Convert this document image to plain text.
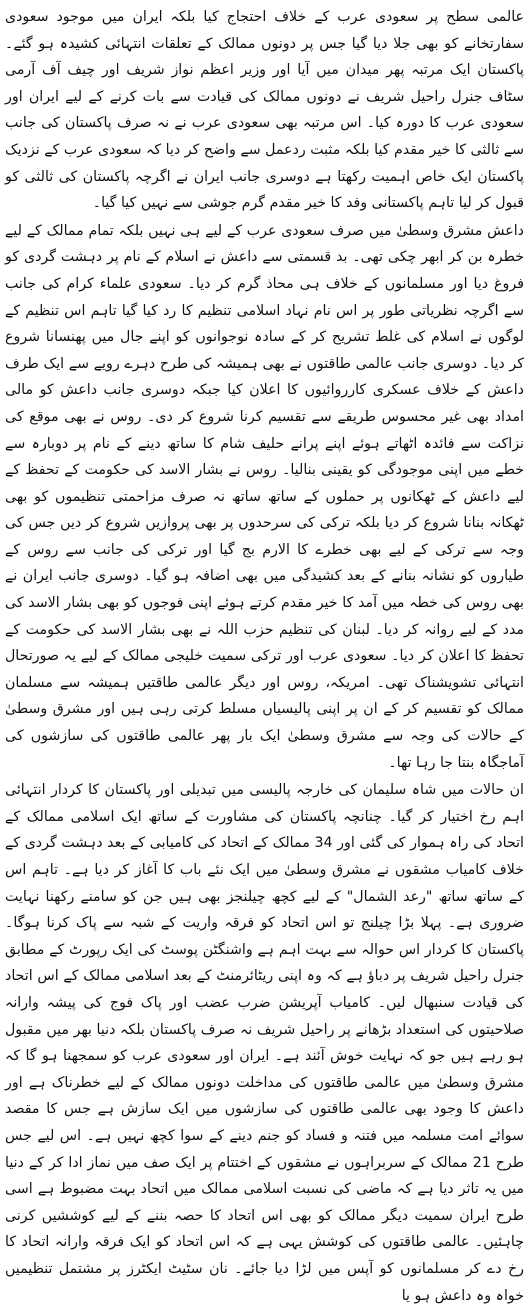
عالمی سطح پر سعودی عرب کے خلاف احتجاج کیا بلکہ ایران میں موجود سعودی سفارتخانے کو بھی جلا دیا گیا جس پر دونوں ممالک کے تعلقات انتہائی کشیدہ ہو گئے۔ پاکستان ایک مرتبہ پھر میدان میں آیا اور وزیر اعظم نواز شریف اور چیف آف آرمی سٹاف جنرل راحیل شریف نے دونوں ممالک کی قیادت سے بات کرنے کے لیے ایران اور سعودی عرب کا دورہ کیا۔ اس مرتبہ بھی سعودی عرب نے نہ صرف پاکستان کی جانب سے ثالثی کا خیر مقدم کیا بلکہ مثبت ردعمل سے واضح کر دیا کہ سعودی عرب کے نزدیک پاکستان ایک خاص اہمیت رکھتا ہے دوسری جانب ایران نے اگرچہ پاکستان کی ثالثی کو قبول کر لیا تاہم پاکستانی وفد کا خیر مقدم گرم جوشی سے نہیں کیا گیا۔

داعش مشرق وسطیٰ میں صرف سعودی عرب کے لیے ہی نہیں بلکہ تمام ممالک کے لیے خطرہ بن کر ابھر چکی تھی۔ بد قسمتی سے داعش نے اسلام کے نام پر دہشت گردی کو فروغ دیا اور مسلمانوں کے خلاف ہی محاذ گرم کر دیا۔ سعودی علماء کرام کی جانب سے اگرچہ نظریاتی طور پر اس نام نہاد اسلامی تنظیم کا رد کیا گیا تاہم اس تنظیم کے لوگوں نے اسلام کی غلط تشریح کر کے سادہ نوجوانوں کو اپنے جال میں پھنسانا شروع کر دیا۔ دوسری جانب عالمی طاقتوں نے بھی ہمیشہ کی طرح دہرے رویے سے ایک طرف داعش کے خلاف عسکری کارروائیوں کا اعلان کیا جبکہ دوسری جانب داعش کو مالی امداد بھی غیر محسوس طریقے سے تقسیم کرنا شروع کر دی۔ روس نے بھی موقع کی نزاکت سے فائدہ اٹھاتے ہوئے اپنے پرانے حلیف شام کا ساتھ دینے کے نام پر دوبارہ سے خطے میں اپنی موجودگی کو یقینی بنالیا۔ روس نے بشار الاسد کی حکومت کے تحفظ کے لیے داعش کے ٹھکانوں پر حملوں کے ساتھ ساتھ نہ صرف مزاحمتی تنظیموں کو بھی ٹھکانہ بنانا شروع کر دیا بلکہ ترکی کی سرحدوں پر بھی پروازیں شروع کر دیں جس کی وجہ سے ترکی کے لیے بھی خطرے کا الارم بج گیا اور ترکی کی جانب سے روس کے طیاروں کو نشانہ بنانے کے بعد کشیدگی میں بھی اضافہ ہو گیا۔ دوسری جانب ایران نے بھی روس کی خطہ میں آمد کا خیر مقدم کرتے ہوئے اپنی فوجوں کو بھی بشار الاسد کی مدد کے لیے روانہ کر دیا۔ لبنان کی تنظیم حزب اللہ نے بھی بشار الاسد کی حکومت کے تحفظ کا اعلان کر دیا۔ سعودی عرب اور ترکی سمیت خلیجی ممالک کے لیے یہ صورتحال انتہائی تشویشناک تھی۔ امریکہ، روس اور دیگر عالمی طاقتیں ہمیشہ سے مسلمان ممالک کو تقسیم کر کے ان پر اپنی پالیسیاں مسلط کرتی رہی ہیں اور مشرق وسطیٰ کے حالات کی وجہ سے مشرق وسطیٰ ایک بار پھر عالمی طاقتوں کی سازشوں کی آماجگاہ بنتا جا رہا تھا۔

ان حالات میں شاہ سلیمان کی خارجہ پالیسی میں تبدیلی اور پاکستان کا کردار انتہائی اہم رخ اختیار کر گیا۔ چنانچہ پاکستان کی مشاورت کے ساتھ ایک اسلامی ممالک کے اتحاد کی راہ ہموار کی گئی اور 34 ممالک کے اتحاد کی کامیابی کے بعد دہشت گردی کے خلاف کامیاب مشقوں نے مشرق وسطیٰ میں ایک نئے باب کا آغاز کر دیا ہے۔ تاہم اس کے ساتھ ساتھ "رعد الشمال" کے لیے کچھ چیلنجز بھی ہیں جن کو سامنے رکھنا نہایت ضروری ہے۔ پہلا بڑا چیلنج تو اس اتحاد کو فرقہ واریت کے شبہ سے پاک کرنا ہوگا۔ پاکستان کا کردار اس حوالہ سے بہت اہم ہے واشنگٹن پوسٹ کی ایک رپورٹ کے مطابق جنرل راحیل شریف پر دباؤ ہے کہ وہ اپنی ریٹائرمنٹ کے بعد اسلامی ممالک کے اس اتحاد کی قیادت سنبھال لیں۔ کامیاب آپریشن ضرب عضب اور پاک فوج کی پیشہ وارانہ صلاحیتوں کی استعداد بڑھانے پر راحیل شریف نہ صرف پاکستان بلکہ دنیا بھر میں مقبول ہو رہے ہیں جو کہ نہایت خوش آئند ہے۔ ایران اور سعودی عرب کو سمجھنا ہو گا کہ مشرق وسطیٰ میں عالمی طاقتوں کی مداخلت دونوں ممالک کے لیے خطرناک ہے اور داعش کا وجود بھی عالمی طاقتوں کی سازشوں میں ایک سازش ہے جس کا مقصد سوائے امت مسلمہ میں فتنہ و فساد کو جنم دینے کے سوا کچھ نہیں ہے۔ اس لیے جس طرح 21 ممالک کے سربراہوں نے مشقوں کے اختتام پر ایک صف میں نماز ادا کر کے دنیا میں یہ تاثر دیا ہے کہ ماضی کی نسبت اسلامی ممالک میں اتحاد بہت مضبوط ہے اسی طرح ایران سمیت دیگر ممالک کو بھی اس اتحاد کا حصہ بننے کے لیے کوششیں کرنی چاہئیں۔ عالمی طاقتوں کی کوشش یہی ہے کہ اس اتحاد کو ایک فرقہ وارانہ اتحاد کا رخ دے کر مسلمانوں کو آپس میں لڑا دیا جائے۔ نان سٹیٹ ایکٹرز پر مشتمل تنظیمیں خواہ وہ داعش ہو یا
